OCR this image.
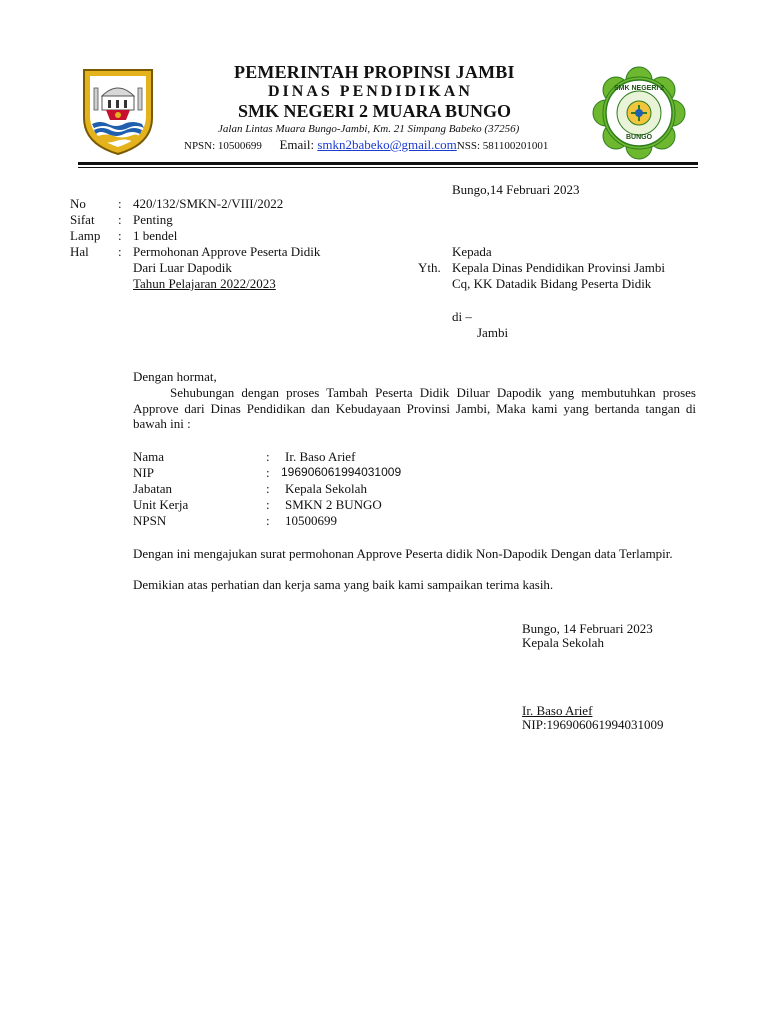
SMK NEGERI 2
BUNGO
PEMERINTAH PROPINSI JAMBI
DINAS PENDIDIKAN
SMK NEGERI 2 MUARA BUNGO
Jalan Lintas Muara Bungo-Jambi, Km. 21 Simpang Babeko (37256)
NPSN: 10500699 Email: smkn2babeko@gmail.comNSS: 581100201001
Bungo,14 Februari 2023
No : 420/132/SMKN-2/VIII/2022
Sifat : Penting
Lamp : 1 bendel
Hal : Permohonan Approve Peserta Didik
Dari Luar Dapodik
Tahun Pelajaran 2022/2023
Kepada
Yth. Kepala Dinas Pendidikan Provinsi Jambi
Cq, KK Datadik Bidang Peserta Didik
di –
Jambi
Dengan hormat,
Sehubungan dengan proses Tambah Peserta Didik Diluar Dapodik yang membutuhkan proses Approve dari Dinas Pendidikan dan Kebudayaan Provinsi Jambi, Maka kami yang bertanda tangan di bawah ini :
Nama	: Ir. Baso Arief
NIP	: 196906061994031009
Jabatan	: Kepala Sekolah
Unit Kerja	: SMKN 2 BUNGO
NPSN	: 10500699
Dengan ini mengajukan surat permohonan Approve Peserta didik Non-Dapodik Dengan data Terlampir.
Demikian atas perhatian dan kerja sama yang baik kami sampaikan terima kasih.
Bungo, 14 Februari 2023
Kepala Sekolah
Ir. Baso Arief
NIP:196906061994031009
